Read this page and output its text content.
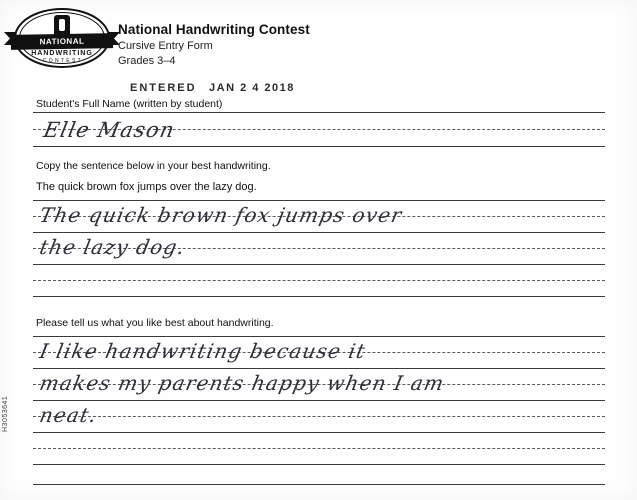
NATIONAL
HANDWRITING
C O N T E S T
National Handwriting Contest
Cursive Entry Form
Grades 3–4
ENTERED JAN 2 4 2018
Student's Full Name (written by student)
Elle Mason
Copy the sentence below in your best handwriting.
The quick brown fox jumps over the lazy dog.
The quick brown fox jumps over
the lazy dog.
Please tell us what you like best about handwriting.
I like handwriting because it
makes my parents happy when I am
neat.
H3053641
